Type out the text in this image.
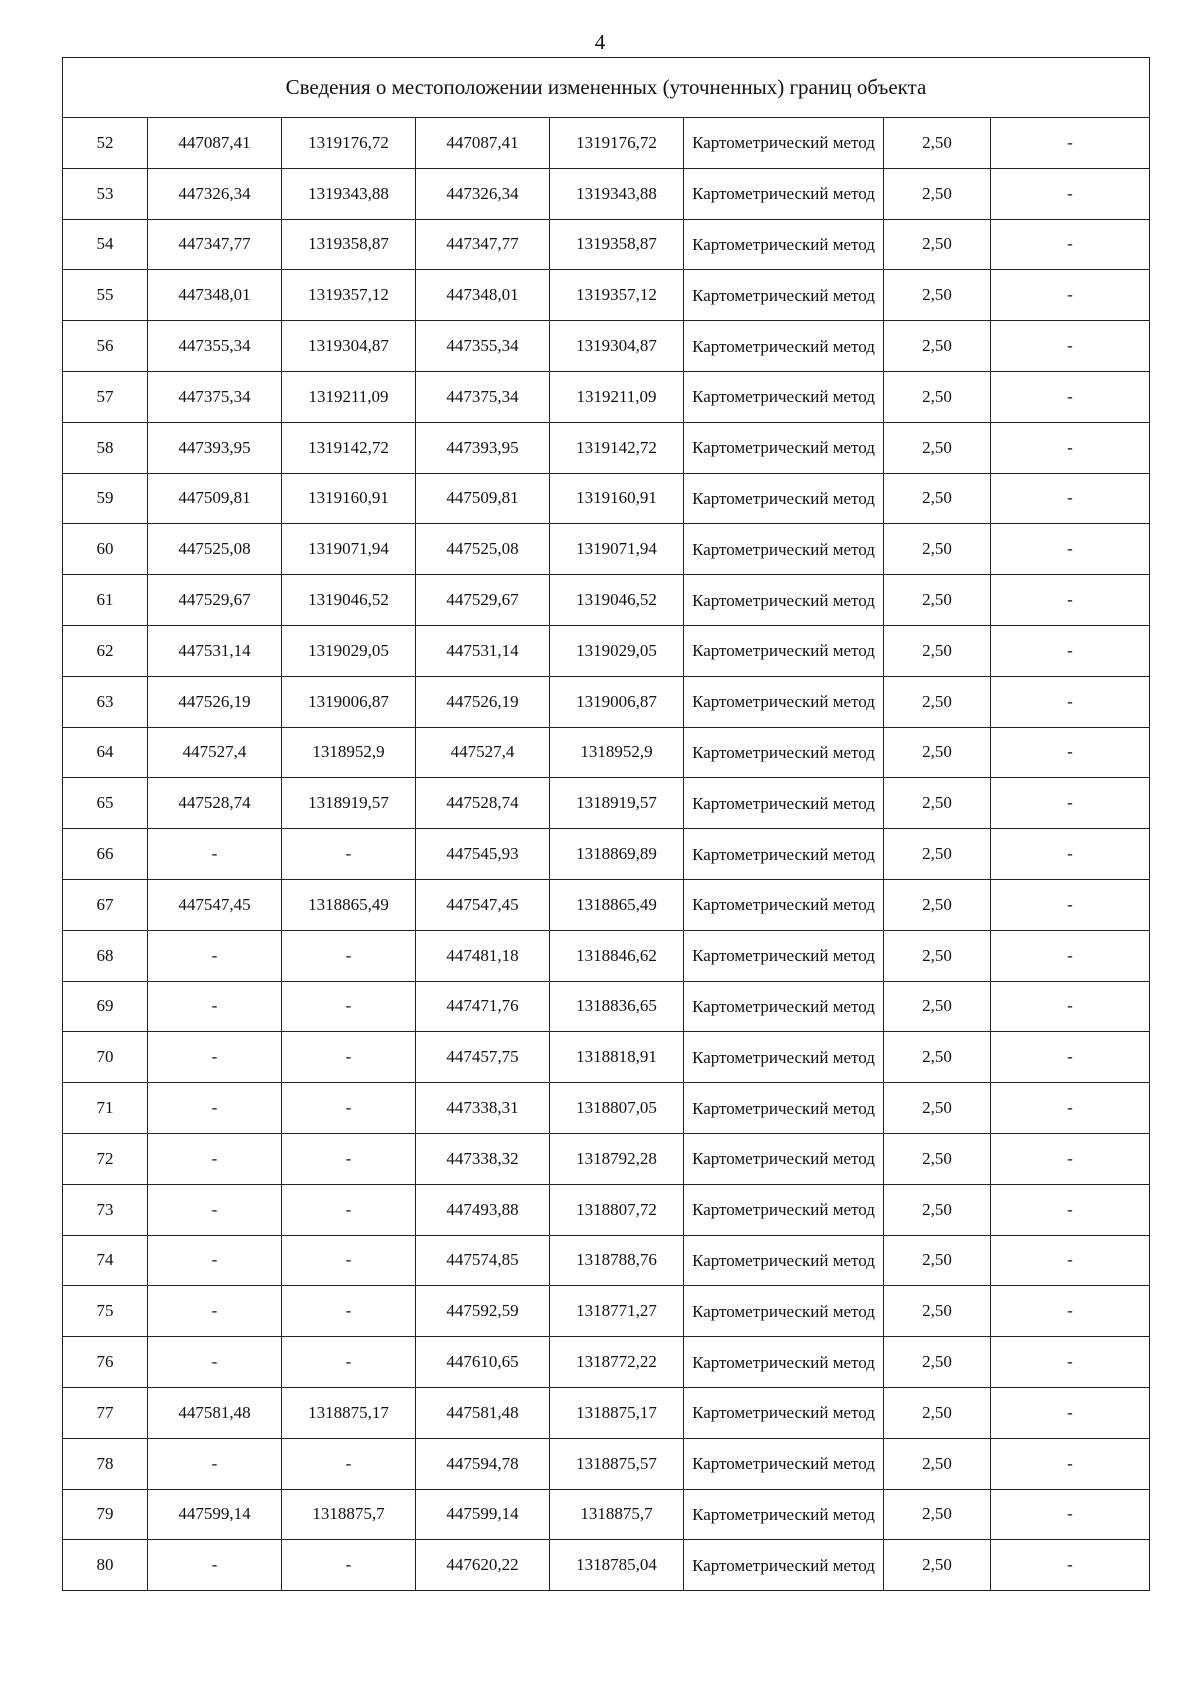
4
Сведения о местоположении измененных (уточненных) границ объекта							
52	447087,41	1319176,72	447087,41	1319176,72	Картометрический метод	2,50	-
53	447326,34	1319343,88	447326,34	1319343,88	Картометрический метод	2,50	-
54	447347,77	1319358,87	447347,77	1319358,87	Картометрический метод	2,50	-
55	447348,01	1319357,12	447348,01	1319357,12	Картометрический метод	2,50	-
56	447355,34	1319304,87	447355,34	1319304,87	Картометрический метод	2,50	-
57	447375,34	1319211,09	447375,34	1319211,09	Картометрический метод	2,50	-
58	447393,95	1319142,72	447393,95	1319142,72	Картометрический метод	2,50	-
59	447509,81	1319160,91	447509,81	1319160,91	Картометрический метод	2,50	-
60	447525,08	1319071,94	447525,08	1319071,94	Картометрический метод	2,50	-
61	447529,67	1319046,52	447529,67	1319046,52	Картометрический метод	2,50	-
62	447531,14	1319029,05	447531,14	1319029,05	Картометрический метод	2,50	-
63	447526,19	1319006,87	447526,19	1319006,87	Картометрический метод	2,50	-
64	447527,4	1318952,9	447527,4	1318952,9	Картометрический метод	2,50	-
65	447528,74	1318919,57	447528,74	1318919,57	Картометрический метод	2,50	-
66	-	-	447545,93	1318869,89	Картометрический метод	2,50	-
67	447547,45	1318865,49	447547,45	1318865,49	Картометрический метод	2,50	-
68	-	-	447481,18	1318846,62	Картометрический метод	2,50	-
69	-	-	447471,76	1318836,65	Картометрический метод	2,50	-
70	-	-	447457,75	1318818,91	Картометрический метод	2,50	-
71	-	-	447338,31	1318807,05	Картометрический метод	2,50	-
72	-	-	447338,32	1318792,28	Картометрический метод	2,50	-
73	-	-	447493,88	1318807,72	Картометрический метод	2,50	-
74	-	-	447574,85	1318788,76	Картометрический метод	2,50	-
75	-	-	447592,59	1318771,27	Картометрический метод	2,50	-
76	-	-	447610,65	1318772,22	Картометрический метод	2,50	-
77	447581,48	1318875,17	447581,48	1318875,17	Картометрический метод	2,50	-
78	-	-	447594,78	1318875,57	Картометрический метод	2,50	-
79	447599,14	1318875,7	447599,14	1318875,7	Картометрический метод	2,50	-
80	-	-	447620,22	1318785,04	Картометрический метод	2,50	-
